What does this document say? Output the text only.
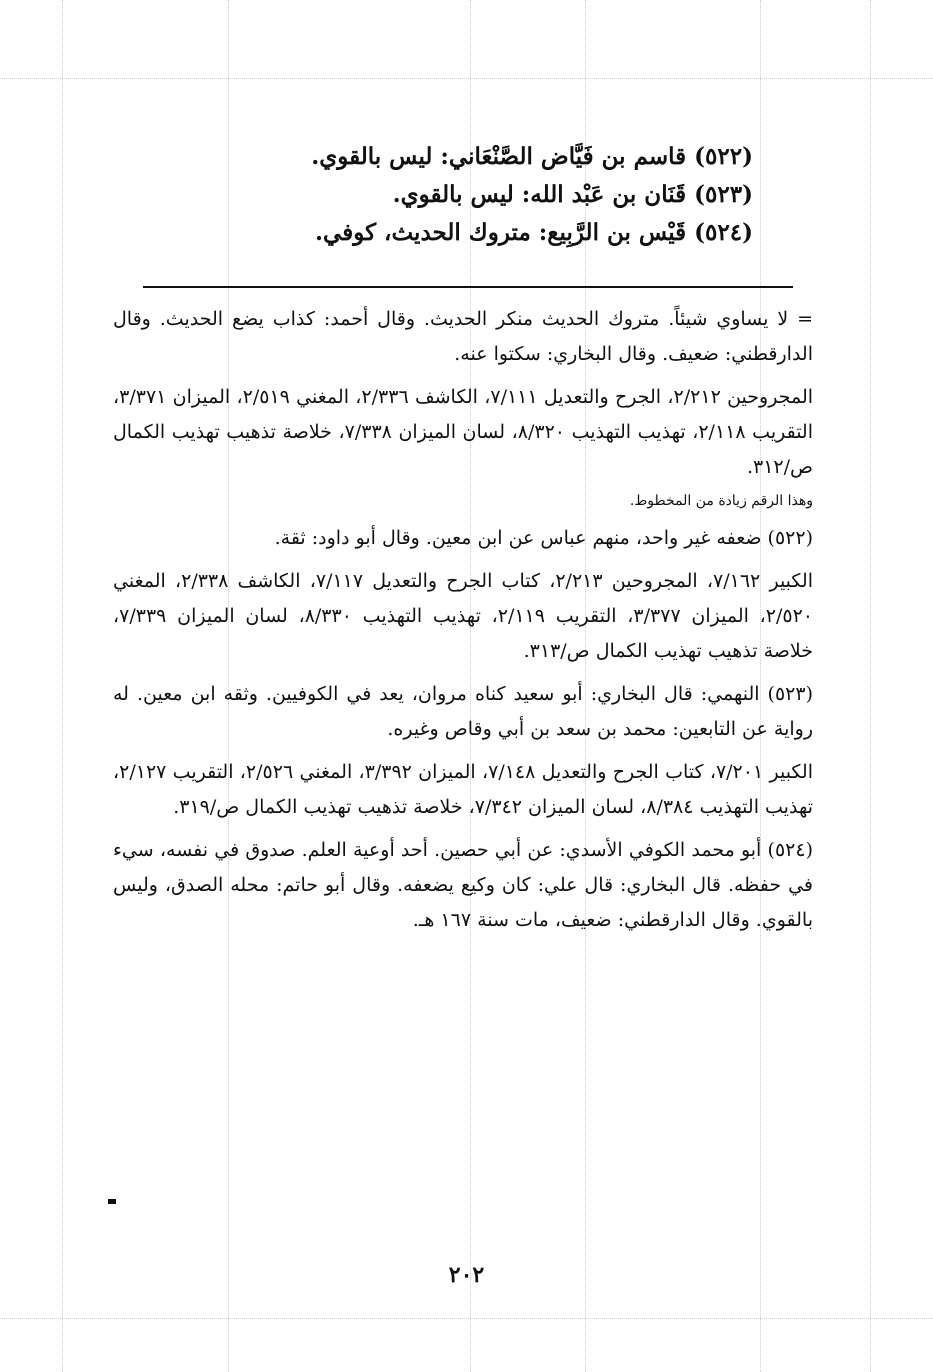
(٥٢٢) قاسم بن فَيَّاض الصَّنْعَاني: ليس بالقوي.
(٥٢٣) قَنَان بن عَبْد الله: ليس بالقوي.
(٥٢٤) قَيْس بن الرَّبِيع: متروك الحديث، كوفي.

= لا يساوي شيئاً. متروك الحديث منكر الحديث. وقال أحمد: كذاب يضع الحديث. وقال الدارقطني: ضعيف. وقال البخاري: سكتوا عنه.

المجروحين ٢/٢١٢، الجرح والتعديل ٧/١١١، الكاشف ٢/٣٣٦، المغني ٢/٥١٩، الميزان ٣/٣٧١، التقريب ٢/١١٨، تهذيب التهذيب ٨/٣٢٠، لسان الميزان ٧/٣٣٨، خلاصة تذهيب تهذيب الكمال ص/٣١٢.

وهذا الرقم زيادة من المخطوط.

(٥٢٢) ضعفه غير واحد، منهم عباس عن ابن معين. وقال أبو داود: ثقة.

الكبير ٧/١٦٢، المجروحين ٢/٢١٣، كتاب الجرح والتعديل ٧/١١٧، الكاشف ٢/٣٣٨، المغني ٢/٥٢٠، الميزان ٣/٣٧٧، التقريب ٢/١١٩، تهذيب التهذيب ٨/٣٣٠، لسان الميزان ٧/٣٣٩، خلاصة تذهيب تهذيب الكمال ص/٣١٣.

(٥٢٣) النهمي: قال البخاري: أبو سعيد كناه مروان، يعد في الكوفيين. وثقه ابن معين. له رواية عن التابعين: محمد بن سعد بن أبي وقاص وغيره.

الكبير ٧/٢٠١، كتاب الجرح والتعديل ٧/١٤٨، الميزان ٣/٣٩٢، المغني ٢/٥٢٦، التقريب ٢/١٢٧، تهذيب التهذيب ٨/٣٨٤، لسان الميزان ٧/٣٤٢، خلاصة تذهيب تهذيب الكمال ص/٣١٩.

(٥٢٤) أبو محمد الكوفي الأسدي: عن أبي حصين. أحد أوعية العلم. صدوق في نفسه، سيء في حفظه. قال البخاري: قال علي: كان وكيع يضعفه. وقال أبو حاتم: محله الصدق، وليس بالقوي. وقال الدارقطني: ضعيف، مات سنة ١٦٧ هـ.

٢٠٢
